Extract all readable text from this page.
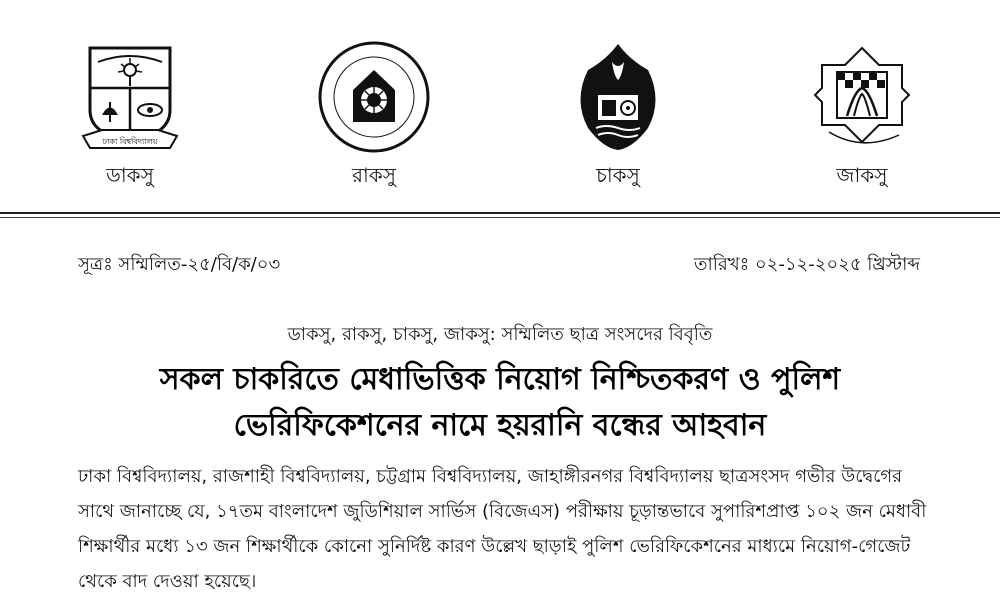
ঢাকা বিশ্ববিদ্যালয়
ডাকসু	রাকসু	চাকসু	জাকসু
সূত্রঃ সম্মিলিত-২৫/বি/ক/০৩	তারিখঃ ০২-১২-২০২৫ খ্রিস্টাব্দ
ডাকসু, রাকসু, চাকসু, জাকসু: সম্মিলিত ছাত্র সংসদের বিবৃতি
সকল চাকরিতে মেধাভিত্তিক নিয়োগ নিশ্চিতকরণ ও পুলিশ
ভেরিফিকেশনের নামে হয়রানি বন্ধের আহবান
ঢাকা বিশ্ববিদ্যালয়, রাজশাহী বিশ্ববিদ্যালয়, চট্টগ্রাম বিশ্ববিদ্যালয়, জাহাঙ্গীরনগর বিশ্ববিদ্যালয় ছাত্রসংসদ গভীর উদ্বেগের
সাথে জানাচ্ছে যে, ১৭তম বাংলাদেশ জুডিশিয়াল সার্ভিস (বিজেএস) পরীক্ষায় চূড়ান্তভাবে সুপারিশপ্রাপ্ত ১০২ জন মেধাবী
শিক্ষার্থীর মধ্যে ১৩ জন শিক্ষার্থীকে কোনো সুনির্দিষ্ট কারণ উল্লেখ ছাড়াই পুলিশ ভেরিফিকেশনের মাধ্যমে নিয়োগ-গেজেট
থেকে বাদ দেওয়া হয়েছে।
